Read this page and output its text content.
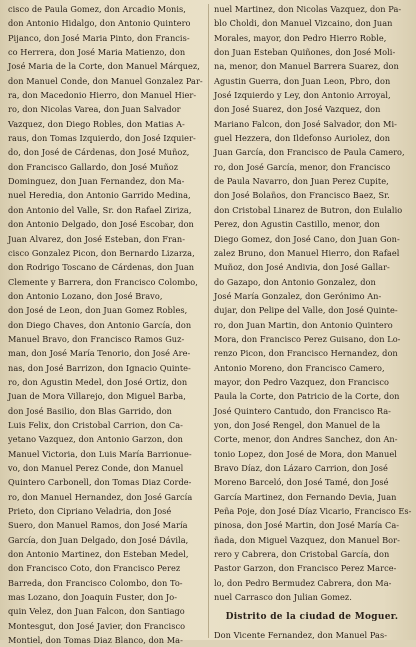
cisco de Paula Gomez, don Arcadio Monis,
don Antonio Hidalgo, don Antonio Quintero
Pijanco, don José Maria Pinto, don Francis-
co Herrera, don José Maria Matienzo, don
José Maria de la Corte, don Manuel Márquez,
don Manuel Conde, don Manuel Gonzalez Par-
ra, don Macedonio Hierro, don Manuel Hier-
ro, don Nicolas Varea, don Juan Salvador
Vazquez, don Diego Robles, don Matias A-
raus, don Tomas Izquierdo, don José Izquier-
do, don José de Cárdenas, don José Muñoz,
don Francisco Gallardo, don José Muñoz
Dominguez, don Juan Fernandez, don Ma-
nuel Heredia, don Antonio Garrido Medina,
don Antonio del Valle, Sr. don Rafael Ziriza,
don Antonio Delgado, don José Escobar, don
Juan Alvarez, don José Esteban, don Fran-
cisco Gonzalez Picon, don Bernardo Lizarza,
don Rodrigo Toscano de Cárdenas, don Juan
Clemente y Barrera, don Francisco Colombo,
don Antonio Lozano, don José Bravo,
don José de Leon, don Juan Gomez Robles,
don Diego Chaves, don Antonio García, don
Manuel Bravo, don Francisco Ramos Guz-
man, don José María Tenorio, don José Are-
nas, don José Barrizon, don Ignacio Quinte-
ro, don Agustin Medel, don José Ortiz, don
Juan de Mora Villarejo, don Miguel Barba,
don José Basilio, don Blas Garrido, don
Luis Felix, don Cristobal Carrion, don Ca-
yetano Vazquez, don Antonio Garzon, don
Manuel Victoria, don Luis María Barrionue-
vo, don Manuel Perez Conde, don Manuel
Quintero Carbonell, don Tomas Diaz Corde-
ro, don Manuel Hernandez, don José García
Prieto, don Cipriano Veladria, don José
Suero, don Manuel Ramos, don José María
García, don Juan Delgado, don José Dávila,
don Antonio Martinez, don Esteban Medel,
don Francisco Coto, don Francisco Perez
Barreda, don Francisco Colombo, don To-
mas Lozano, don Joaquin Fuster, don Jo-
quin Velez, don Juan Falcon, don Santiago
Montesgut, don José Javier, don Francisco
Montiel, don Tomas Diaz Blanco, don Ma-
nuel Martinez, don Nicolas Vazquez, don Pa-
blo Choldi, don Manuel Vizcaino, don Juan
Morales, mayor, don Pedro Hierro Roble,
don Juan Esteban Quiñones, don José Moli-
na, menor, don Manuel Barrera Suarez, don
Agustin Guerra, don Juan Leon, Pbro, don
José Izquierdo y Ley, don Antonio Arroyal,
don José Suarez, don José Vazquez, don
Mariano Falcon, don José Salvador, don Mi-
guel Hezzera, don Ildefonso Auriolez, don
Juan García, don Francisco de Paula Camero,
ro, don José García, menor, don Francisco
de Paula Navarro, don Juan Perez Cupite,
don José Bolaños, don Francisco Baez, Sr.
don Cristobal Linarez de Butron, don Eulalio
Perez, don Agustin Castillo, menor, don
Diego Gomez, don José Cano, don Juan Gon-
zalez Bruno, don Manuel Hierro, don Rafael
Muñoz, don José Andivia, don José Gallar-
do Gazapo, don Antonio Gonzalez, don
José María Gonzalez, don Gerónimo An-
dujar, don Pelipe del Valle, don José Quinte-
ro, don Juan Martin, don Antonio Quintero
Mora, don Francisco Perez Guisano, don Lo-
renzo Picon, don Francisco Hernandez, don
Antonio Moreno, don Francisco Camero,
mayor, don Pedro Vazquez, don Francisco
Paula la Corte, don Patricio de la Corte, don
José Quintero Cantudo, don Francisco Ra-
yon, don José Rengel, don Manuel de la
Corte, menor, don Andres Sanchez, don An-
tonio Lopez, don José de Mora, don Manuel
Bravo Díaz, don Lázaro Carrion, don José
Moreno Barceló, don José Tamé, don José
García Martinez, don Fernando Devia, Juan
Peña Poje, don José Díaz Vicario, Francisco Es-
pinosa, don José Martin, don José María Ca-
ñada, don Miguel Vazquez, don Manuel Bor-
rero y Cabrera, don Cristobal García, don
Pastor Garzon, don Francisco Perez Marce-
lo, don Pedro Bermudez Cabrera, don Ma-
nuel Carrasco don Julian Gomez.
Distrito de la ciudad de Moguer.
Don Vicente Fernandez, don Manuel Pas-
